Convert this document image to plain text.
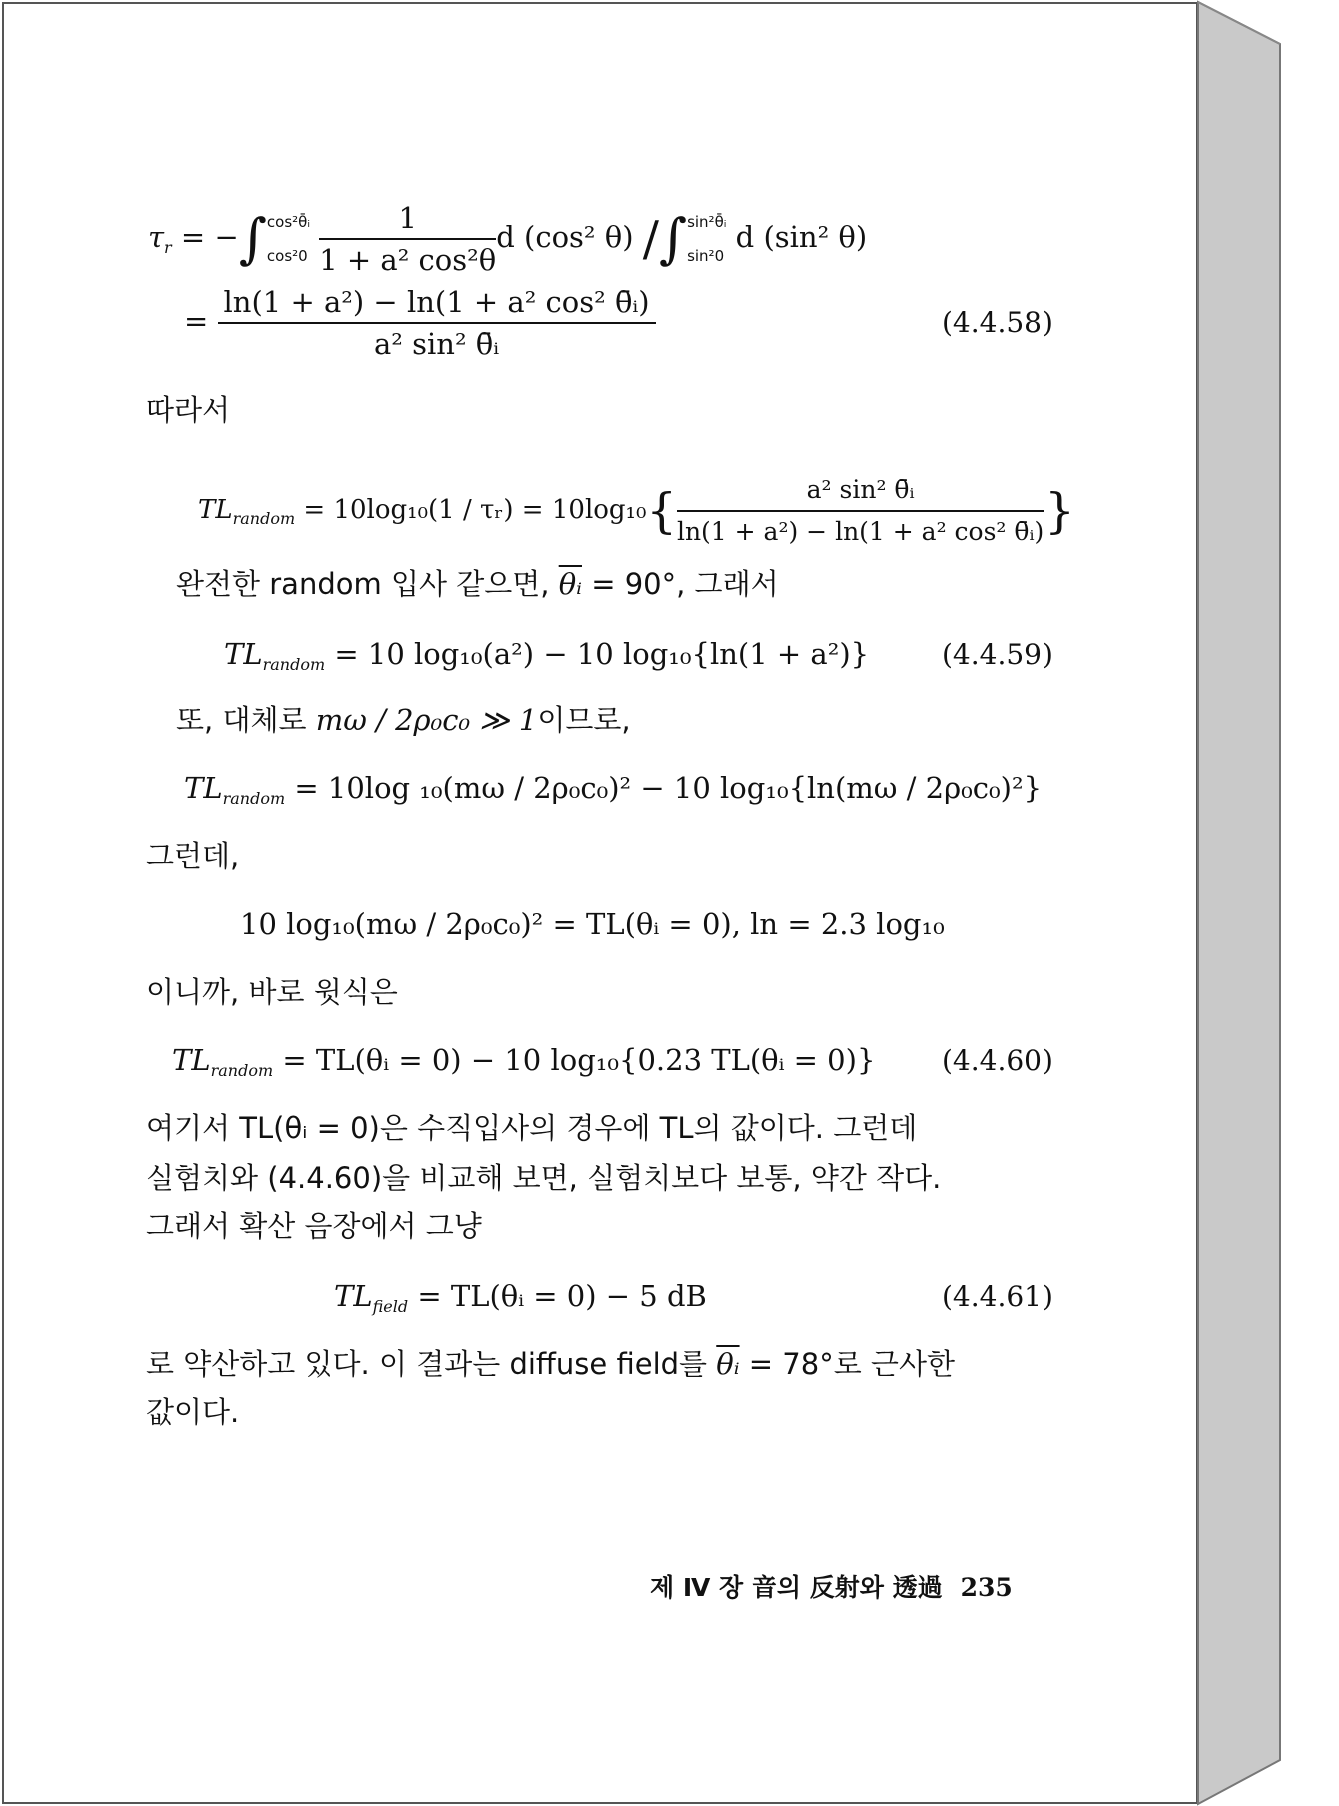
$\tau_r$ = −∫ cos²θ̄ᵢ
cos²0
$\frac{1}{\text{1 + a² cos²θ}}$ d (cos² θ) /∫ sin²θ̄ᵢ
sin²0
d (sin² θ)
= $\frac{\text{ln(1 + a²) − ln(1 + a² cos² θ̄ᵢ)}}{\text{a² sin² θ̄ᵢ}}$	(4.4.58)
따라서
$TL_{random} = 10\log_{10}(1$ / τᵣ) = $10\log_{10}\{ \frac{\text{a² sin² θ̄ᵢ}}{\text{ln(1 + a²) − ln(1 + a² cos² θ̄ᵢ)}}$ }
완전한 random 입사 같으면, $\overline{\theta ᵢ} = 90^\circ$, 그래서
$TL_{random} = 10$ log₁₀(a²) − 10 log₁₀{ln(1 + a²)}	(4.4.59)
또, 대체로 mω / 2ρ₀c₀ ≫ 1이므로,
$TL_{random} = 10\log$ ₁₀(mω / 2ρ₀c₀)² − 10 log₁₀{ln(mω / 2ρ₀c₀)²}
그런데,
10 log₁₀(mω / 2ρ₀c₀)² = TL(θᵢ = 0), ln = 2.3 log₁₀
이니까, 바로 윗식은
$TL_{random}$ = TL(θᵢ = 0) − 10 log₁₀{0.23 TL(θᵢ = 0)} (4.4.60)
여기서 TL(θᵢ = 0)은 수직입사의 경우에 TL의 값이다. 그런데
실험치와 (4.4.60)을 비교해 보면, 실험치보다 보통, 약간 작다.
그래서 확산 음장에서 그냥
$TL_{field}$ = TL(θᵢ = 0) − 5 dB	(4.4.61)
로 약산하고 있다. 이 결과는 diffuse field를 $\overline{\theta ᵢ} = 78^\circ$로 근사한
값이다.
제 Ⅳ 장 音의 反射와 透過 235
